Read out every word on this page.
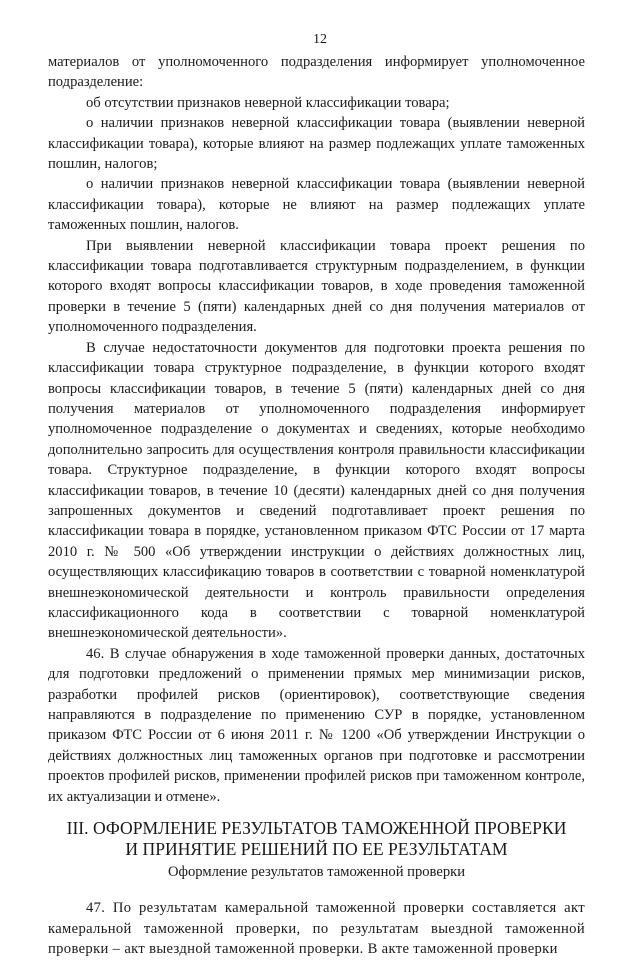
12

материалов от уполномоченного подразделения информирует уполномоченное подразделение:

об отсутствии признаков неверной классификации товара;

о наличии признаков неверной классификации товара (выявлении неверной классификации товара), которые влияют на размер подлежащих уплате таможенных пошлин, налогов;

о наличии признаков неверной классификации товара (выявлении неверной классификации товара), которые не влияют на размер подлежащих уплате таможенных пошлин, налогов.

При выявлении неверной классификации товара проект решения по классификации товара подготавливается структурным подразделением, в функции которого входят вопросы классификации товаров, в ходе проведения таможенной проверки в течение 5 (пяти) календарных дней со дня получения материалов от уполномоченного подразделения.

В случае недостаточности документов для подготовки проекта решения по классификации товара структурное подразделение, в функции которого входят вопросы классификации товаров, в течение 5 (пяти) календарных дней со дня получения материалов от уполномоченного подразделения информирует уполномоченное подразделение о документах и сведениях, которые необходимо дополнительно запросить для осуществления контроля правильности классификации товара. Структурное подразделение, в функции которого входят вопросы классификации товаров, в течение 10 (десяти) календарных дней со дня получения запрошенных документов и сведений подготавливает проект решения по классификации товара в порядке, установленном приказом ФТС России от 17 марта 2010 г. № 500 «Об утверждении инструкции о действиях должностных лиц, осуществляющих классификацию товаров в соответствии с товарной номенклатурой внешнеэкономической деятельности и контроль правильности определения классификационного кода в соответствии с товарной номенклатурой внешнеэкономической деятельности».

46. В случае обнаружения в ходе таможенной проверки данных, достаточных для подготовки предложений о применении прямых мер минимизации рисков, разработки профилей рисков (ориентировок), соответствующие сведения направляются в подразделение по применению СУР в порядке, установленном приказом ФТС России от 6 июня 2011 г. № 1200 «Об утверждении Инструкции о действиях должностных лиц таможенных органов при подготовке и рассмотрении проектов профилей рисков, применении профилей рисков при таможенном контроле, их актуализации и отмене».

III. ОФОРМЛЕНИЕ РЕЗУЛЬТАТОВ ТАМОЖЕННОЙ ПРОВЕРКИ
И ПРИНЯТИЕ РЕШЕНИЙ ПО ЕЕ РЕЗУЛЬТАТАМ
Оформление результатов таможенной проверки

47. По результатам камеральной таможенной проверки составляется акт камеральной таможенной проверки, по результатам выездной таможенной проверки – акт выездной таможенной проверки. В акте таможенной проверки
